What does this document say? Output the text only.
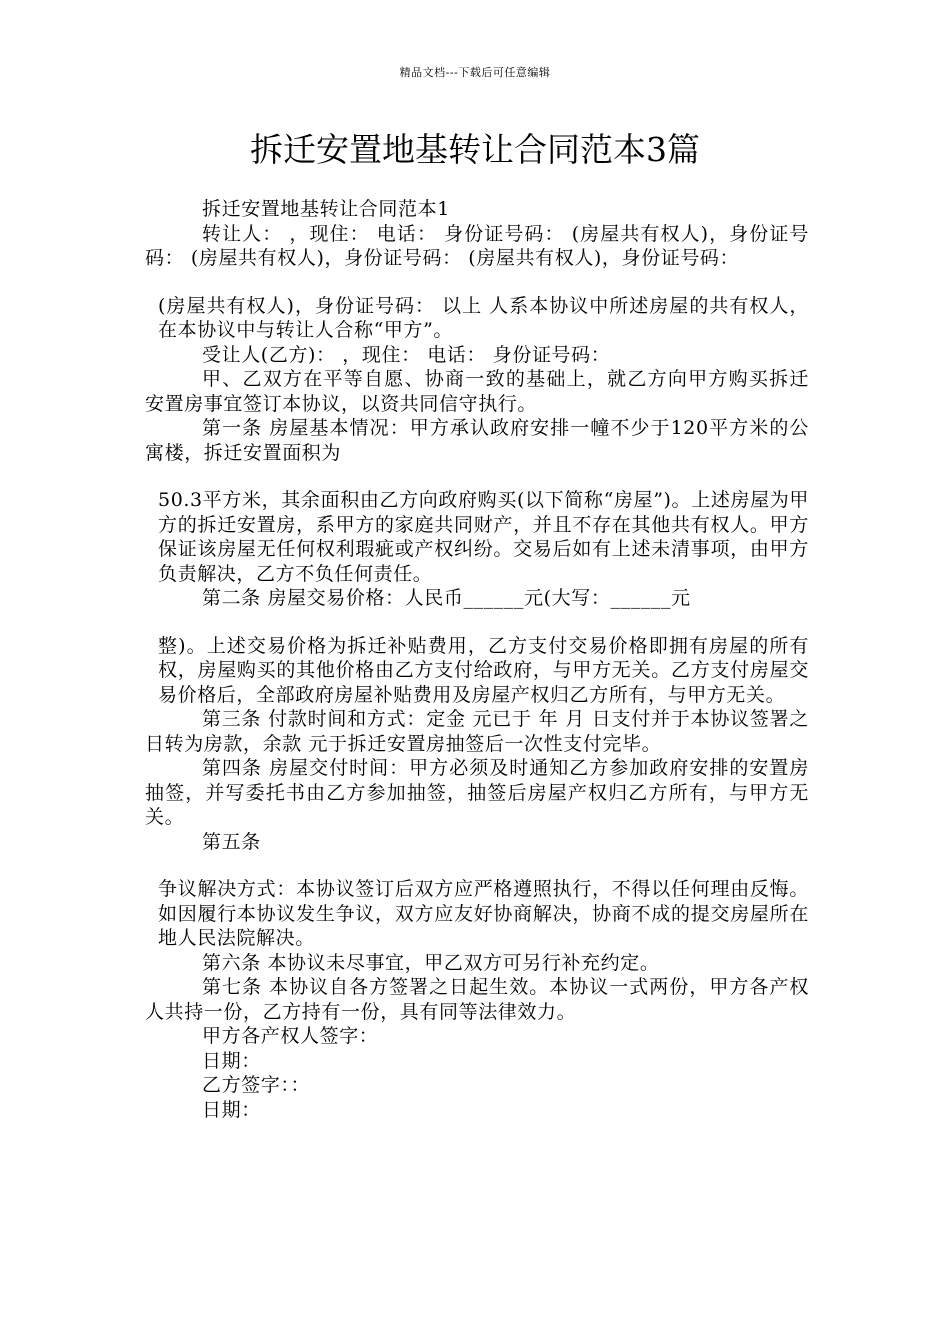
精品文档---下载后可任意编辑
拆迁安置地基转让合同范本3篇

拆迁安置地基转让合同范本1

转让人： ，现住： 电话： 身份证号码： (房屋共有权人)，身份证号码： (房屋共有权人)，身份证号码： (房屋共有权人)，身份证号码：

(房屋共有权人)，身份证号码： 以上 人系本协议中所述房屋的共有权人，在本协议中与转让人合称“甲方”。

受让人(乙方)： ，现住： 电话： 身份证号码：

甲、乙双方在平等自愿、协商一致的基础上，就乙方向甲方购买拆迁安置房事宜签订本协议，以资共同信守执行。

第一条 房屋基本情况：甲方承认政府安排一幢不少于120平方米的公寓楼，拆迁安置面积为

50.3平方米，其余面积由乙方向政府购买(以下简称“房屋”)。上述房屋为甲方的拆迁安置房，系甲方的家庭共同财产，并且不存在其他共有权人。甲方保证该房屋无任何权利瑕疵或产权纠纷。交易后如有上述未清事项，由甲方负责解决，乙方不负任何责任。

第二条 房屋交易价格：人民币______元(大写：______元

整)。上述交易价格为拆迁补贴费用，乙方支付交易价格即拥有房屋的所有权，房屋购买的其他价格由乙方支付给政府，与甲方无关。乙方支付房屋交易价格后，全部政府房屋补贴费用及房屋产权归乙方所有，与甲方无关。

第三条 付款时间和方式：定金 元已于 年 月 日支付并于本协议签署之日转为房款，余款 元于拆迁安置房抽签后一次性支付完毕。

第四条 房屋交付时间：甲方必须及时通知乙方参加政府安排的安置房抽签，并写委托书由乙方参加抽签，抽签后房屋产权归乙方所有，与甲方无关。

第五条

争议解决方式：本协议签订后双方应严格遵照执行，不得以任何理由反悔。如因履行本协议发生争议，双方应友好协商解决，协商不成的提交房屋所在地人民法院解决。

第六条 本协议未尽事宜，甲乙双方可另行补充约定。

第七条 本协议自各方签署之日起生效。本协议一式两份，甲方各产权人共持一份，乙方持有一份，具有同等法律效力。

甲方各产权人签字：

日期：

乙方签字：：

日期：
